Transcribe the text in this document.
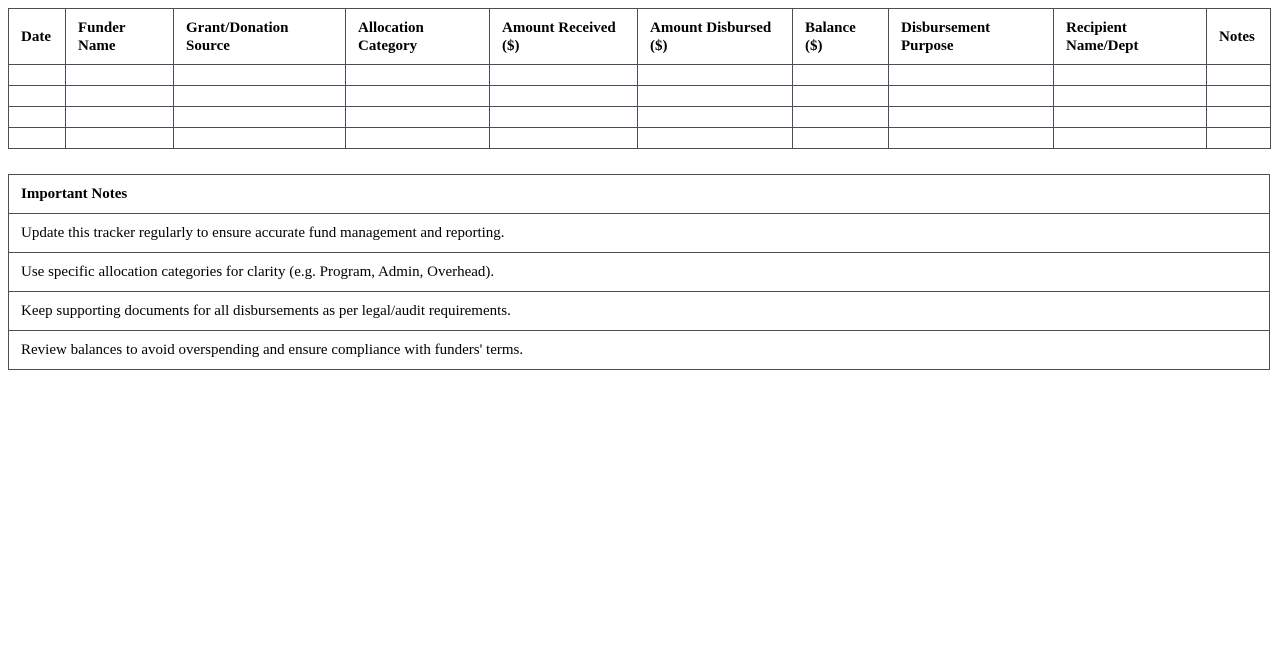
Date	Funder Name	Grant/Donation Source	Allocation Category	Amount Received ($)	Amount Disbursed ($)	Balance ($)	Disbursement Purpose	Recipient Name/Dept	Notes

Important Notes
Update this tracker regularly to ensure accurate fund management and reporting.
Use specific allocation categories for clarity (e.g. Program, Admin, Overhead).
Keep supporting documents for all disbursements as per legal/audit requirements.
Review balances to avoid overspending and ensure compliance with funders' terms.
